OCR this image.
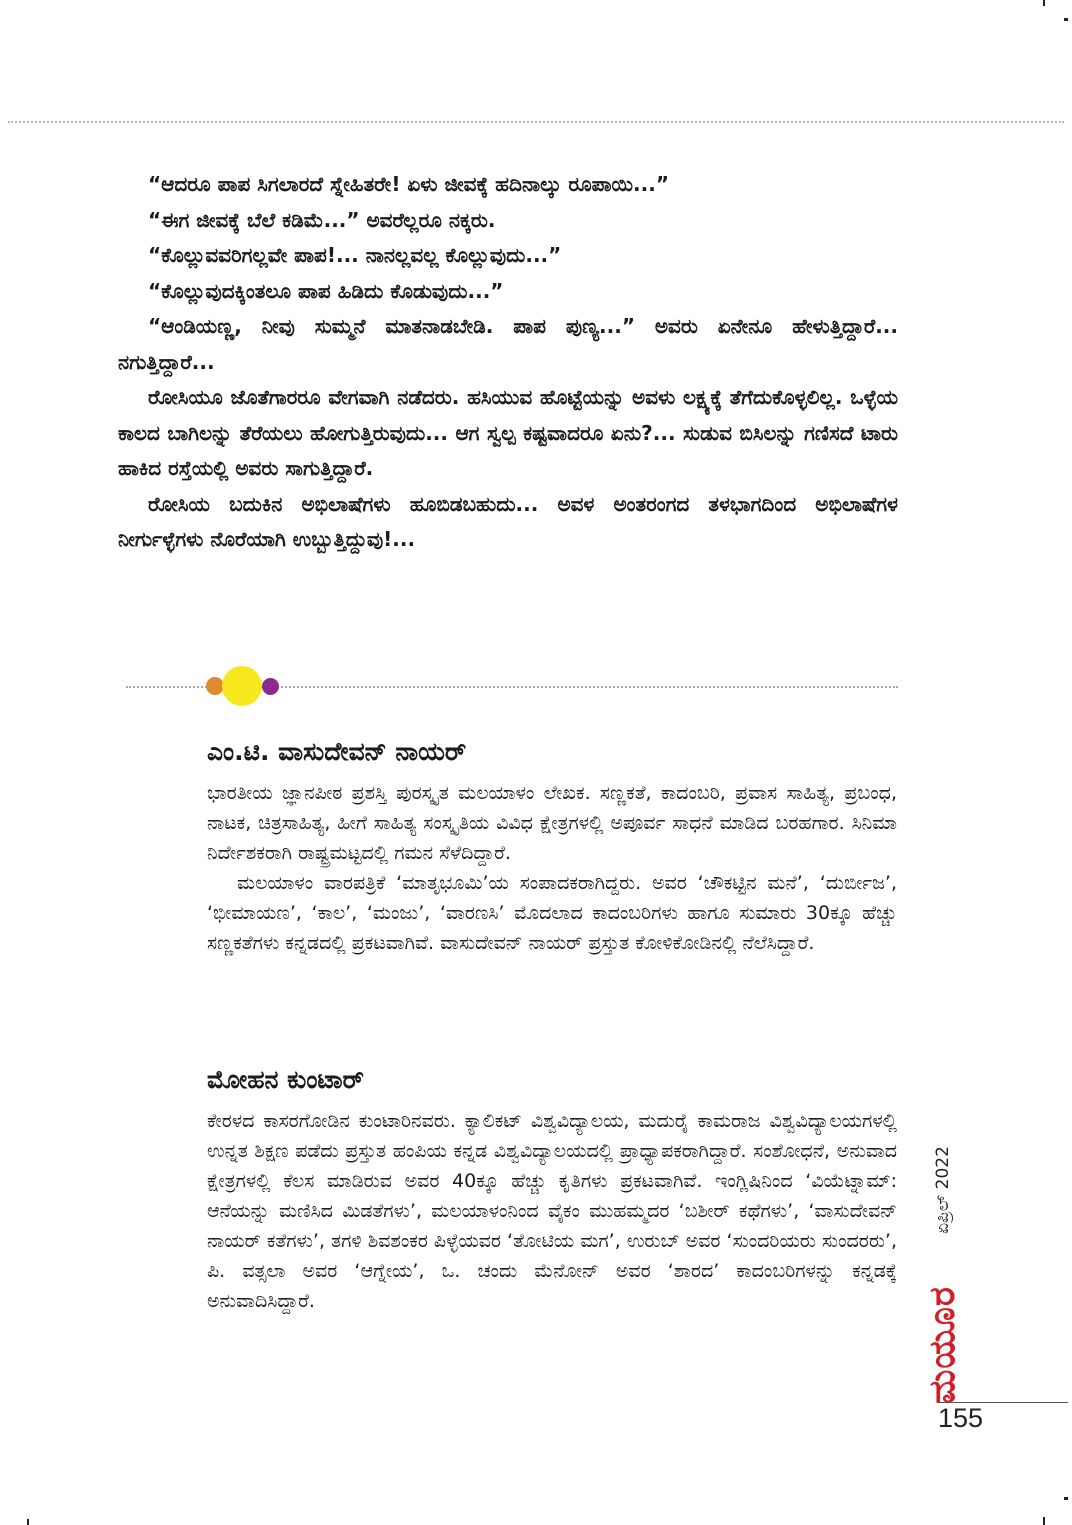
“ಆದರೂ ಪಾಪ ಸಿಗಲಾರದೆ ಸ್ನೇಹಿತರೇ! ಏಳು ಜೀವಕ್ಕೆ ಹದಿನಾಲ್ಕು ರೂಪಾಯಿ...”

“ಈಗ ಜೀವಕ್ಕೆ ಬೆಲೆ ಕಡಿಮೆ...” ಅವರೆಲ್ಲರೂ ನಕ್ಕರು.

“ಕೊಲ್ಲುವವರಿಗಲ್ಲವೇ ಪಾಪ!... ನಾನಲ್ಲವಲ್ಲ ಕೊಲ್ಲುವುದು...”

“ಕೊಲ್ಲುವುದಕ್ಕಿಂತಲೂ ಪಾಪ ಹಿಡಿದು ಕೊಡುವುದು...”

“ಆಂಡಿಯಣ್ಣ, ನೀವು ಸುಮ್ಮನೆ ಮಾತನಾಡಬೇಡಿ. ಪಾಪ ಪುಣ್ಯ...” ಅವರು ಏನೇನೂ ಹೇಳುತ್ತಿದ್ದಾರೆ... ನಗುತ್ತಿದ್ದಾರೆ...

ರೋಸಿಯೂ ಜೊತೆಗಾರರೂ ವೇಗವಾಗಿ ನಡೆದರು. ಹಸಿಯುವ ಹೊಟ್ಟೆಯನ್ನು ಅವಳು ಲಕ್ಷ್ಯಕ್ಕೆ ತೆಗೆದುಕೊಳ್ಳಲಿಲ್ಲ. ಒಳ್ಳೆಯ ಕಾಲದ ಬಾಗಿಲನ್ನು ತೆರೆಯಲು ಹೋಗುತ್ತಿರುವುದು... ಆಗ ಸ್ವಲ್ಪ ಕಷ್ಟವಾದರೂ ಏನು?... ಸುಡುವ ಬಿಸಿಲನ್ನು ಗಣಿಸದೆ ಟಾರು ಹಾಕಿದ ರಸ್ತೆಯಲ್ಲಿ ಅವರು ಸಾಗುತ್ತಿದ್ದಾರೆ.

ರೋಸಿಯ ಬದುಕಿನ ಅಭಿಲಾಷೆಗಳು ಹೂಬಿಡಬಹುದು... ಅವಳ ಅಂತರಂಗದ ತಳಭಾಗದಿಂದ ಅಭಿಲಾಷೆಗಳ ನೀರ್ಗುಳ್ಳೆಗಳು ನೊರೆಯಾಗಿ ಉಬ್ಬುತ್ತಿದ್ದುವು!...

ಎಂ.ಟಿ. ವಾಸುದೇವನ್ ನಾಯರ್

ಭಾರತೀಯ ಜ್ಞಾನಪೀಠ ಪ್ರಶಸ್ತಿ ಪುರಸ್ಕೃತ ಮಲಯಾಳಂ ಲೇಖಕ. ಸಣ್ಣಕತೆ, ಕಾದಂಬರಿ, ಪ್ರವಾಸ ಸಾಹಿತ್ಯ, ಪ್ರಬಂಧ, ನಾಟಕ, ಚಿತ್ರಸಾಹಿತ್ಯ, ಹೀಗೆ ಸಾಹಿತ್ಯ ಸಂಸ್ಕೃತಿಯ ವಿವಿಧ ಕ್ಷೇತ್ರಗಳಲ್ಲಿ ಅಪೂರ್ವ ಸಾಧನೆ ಮಾಡಿದ ಬರಹಗಾರ. ಸಿನಿಮಾ ನಿರ್ದೇಶಕರಾಗಿ ರಾಷ್ಟ್ರಮಟ್ಟದಲ್ಲಿ ಗಮನ ಸೆಳೆದಿದ್ದಾರೆ.

ಮಲಯಾಳಂ ವಾರಪತ್ರಿಕೆ ‘ಮಾತೃಭೂಮಿ’ಯ ಸಂಪಾದಕರಾಗಿದ್ದರು. ಅವರ ‘ಚೌಕಟ್ಟಿನ ಮನೆ’, ‘ದುರ್ಬೀಜ’, ‘ಭೀಮಾಯಣ’, ‘ಕಾಲ’, ‘ಮಂಜು’, ‘ವಾರಣಸಿ’ ಮೊದಲಾದ ಕಾದಂಬರಿಗಳು ಹಾಗೂ ಸುಮಾರು 30ಕ್ಕೂ ಹೆಚ್ಚು ಸಣ್ಣಕತೆಗಳು ಕನ್ನಡದಲ್ಲಿ ಪ್ರಕಟವಾಗಿವೆ. ವಾಸುದೇವನ್ ನಾಯರ್ ಪ್ರಸ್ತುತ ಕೋಳಿಕೋಡಿನಲ್ಲಿ ನೆಲೆಸಿದ್ದಾರೆ.

ಮೋಹನ ಕುಂಟಾರ್

ಕೇರಳದ ಕಾಸರಗೋಡಿನ ಕುಂಟಾರಿನವರು. ಕ್ಯಾಲಿಕಟ್ ವಿಶ್ವವಿದ್ಯಾಲಯ, ಮದುರೈ ಕಾಮರಾಜ ವಿಶ್ವವಿದ್ಯಾಲಯಗಳಲ್ಲಿ ಉನ್ನತ ಶಿಕ್ಷಣ ಪಡೆದು ಪ್ರಸ್ತುತ ಹಂಪಿಯ ಕನ್ನಡ ವಿಶ್ವವಿದ್ಯಾಲಯದಲ್ಲಿ ಪ್ರಾಧ್ಯಾಪಕರಾಗಿದ್ದಾರೆ. ಸಂಶೋಧನೆ, ಅನುವಾದ ಕ್ಷೇತ್ರಗಳಲ್ಲಿ ಕೆಲಸ ಮಾಡಿರುವ ಅವರ 40ಕ್ಕೂ ಹೆಚ್ಚು ಕೃತಿಗಳು ಪ್ರಕಟವಾಗಿವೆ. ಇಂಗ್ಲಿಷಿನಿಂದ ‘ವಿಯೆಟ್ನಾಮ್: ಆನೆಯನ್ನು ಮಣಿಸಿದ ಮಿಡತೆಗಳು’, ಮಲಯಾಳಂನಿಂದ ವೈಕಂ ಮುಹಮ್ಮದರ ‘ಬಶೀರ್ ಕಥೆಗಳು’, ‘ವಾಸುದೇವನ್ ನಾಯರ್ ಕತೆಗಳು’, ತಗಳಿ ಶಿವಶಂಕರ ಪಿಳ್ಳೆಯವರ ‘ತೋಟಿಯ ಮಗ’, ಉರುಬ್ ಅವರ ‘ಸುಂದರಿಯರು ಸುಂದರರು’, ಪಿ. ವತ್ಸಲಾ ಅವರ ‘ಆಗ್ನೇಯ’, ಒ. ಚಂದು ಮೆನೋನ್ ಅವರ ‘ಶಾರದ’ ಕಾದಂಬರಿಗಳನ್ನು ಕನ್ನಡಕ್ಕೆ ಅನುವಾದಿಸಿದ್ದಾರೆ.

ಏಪ್ರಿಲ್ 2022
ಮಯೂರ
155
